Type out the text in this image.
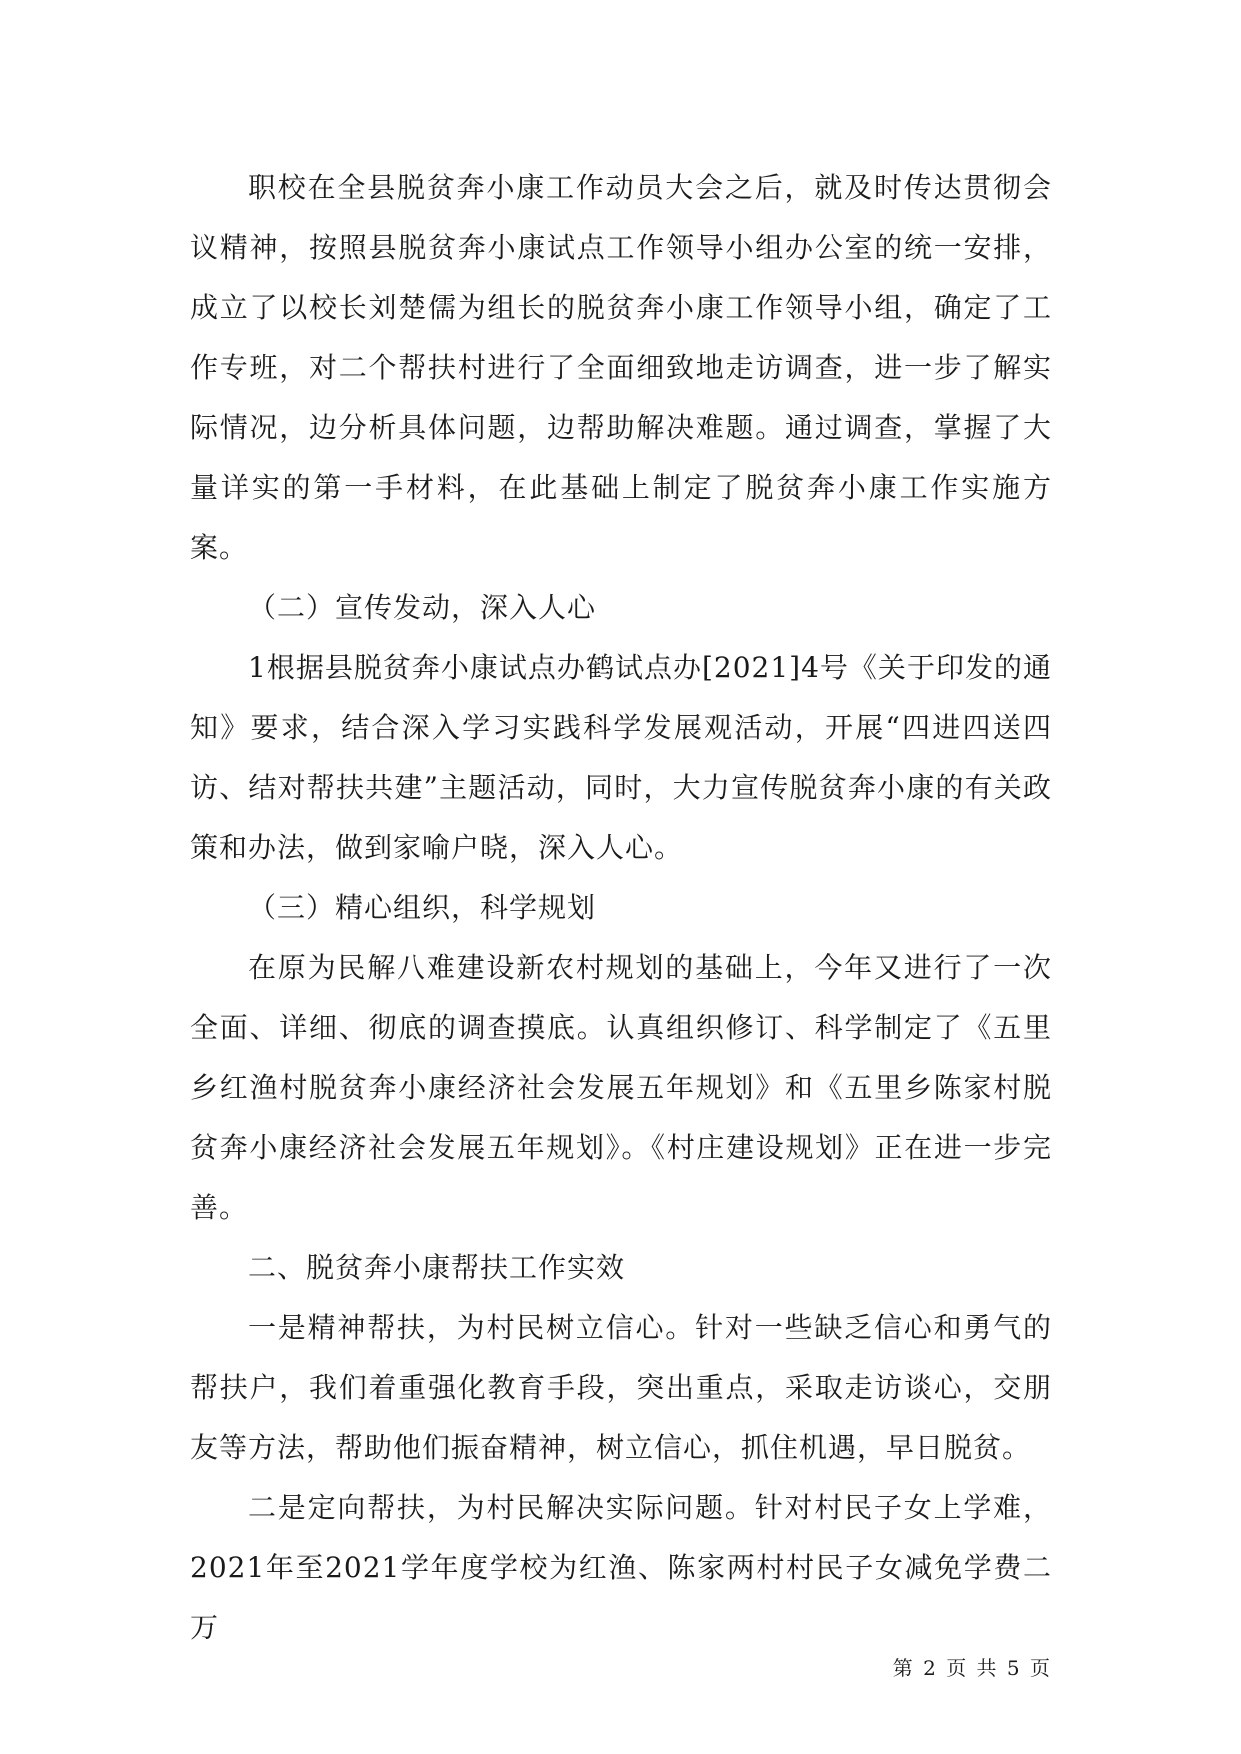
职校在全县脱贫奔小康工作动员大会之后，就及时传达贯彻会议精神，按照县脱贫奔小康试点工作领导小组办公室的统一安排，成立了以校长刘楚儒为组长的脱贫奔小康工作领导小组，确定了工作专班，对二个帮扶村进行了全面细致地走访调查，进一步了解实际情况，边分析具体问题，边帮助解决难题。通过调查，掌握了大量详实的第一手材料，在此基础上制定了脱贫奔小康工作实施方案。

（二）宣传发动，深入人心

1根据县脱贫奔小康试点办鹤试点办[2021]4号《关于印发的通知》要求，结合深入学习实践科学发展观活动，开展“四进四送四访、结对帮扶共建”主题活动，同时，大力宣传脱贫奔小康的有关政策和办法，做到家喻户晓，深入人心。

（三）精心组织，科学规划

在原为民解八难建设新农村规划的基础上，今年又进行了一次全面、详细、彻底的调查摸底。认真组织修订、科学制定了《五里乡红渔村脱贫奔小康经济社会发展五年规划》和《五里乡陈家村脱贫奔小康经济社会发展五年规划》。《村庄建设规划》正在进一步完善。

二、脱贫奔小康帮扶工作实效

一是精神帮扶，为村民树立信心。针对一些缺乏信心和勇气的帮扶户，我们着重强化教育手段，突出重点，采取走访谈心，交朋友等方法，帮助他们振奋精神，树立信心，抓住机遇，早日脱贫。

二是定向帮扶，为村民解决实际问题。针对村民子女上学难，2021年至2021学年度学校为红渔、陈家两村村民子女减免学费二万

第 2 页 共 5 页
